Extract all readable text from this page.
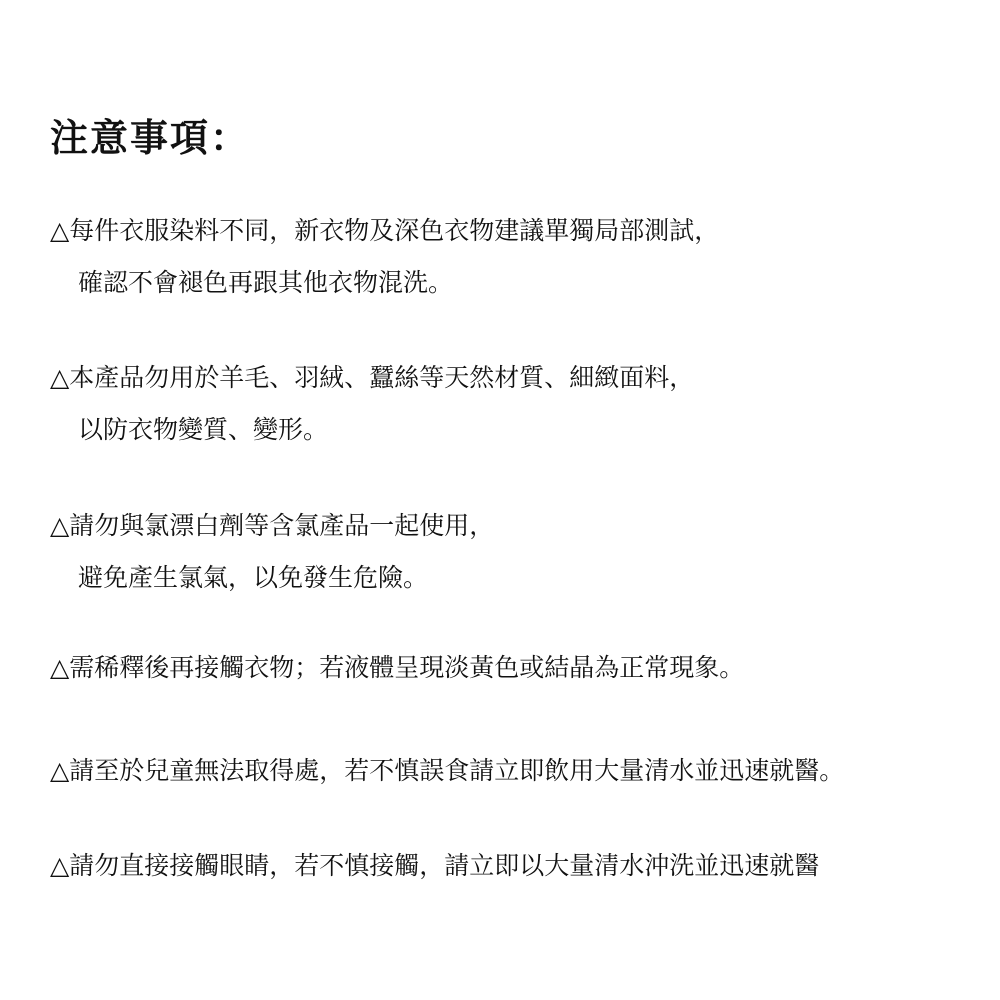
注意事項：
△每件衣服染料不同，新衣物及深色衣物建議單獨局部測試，
確認不會褪色再跟其他衣物混洗。
△本產品勿用於羊毛、羽絨、蠶絲等天然材質、細緻面料，
以防衣物變質、變形。
△請勿與氯漂白劑等含氯產品一起使用，
避免產生氯氣，以免發生危險。
△需稀釋後再接觸衣物；若液體呈現淡黃色或結晶為正常現象。
△請至於兒童無法取得處，若不慎誤食請立即飲用大量清水並迅速就醫。
△請勿直接接觸眼睛，若不慎接觸，請立即以大量清水沖洗並迅速就醫
